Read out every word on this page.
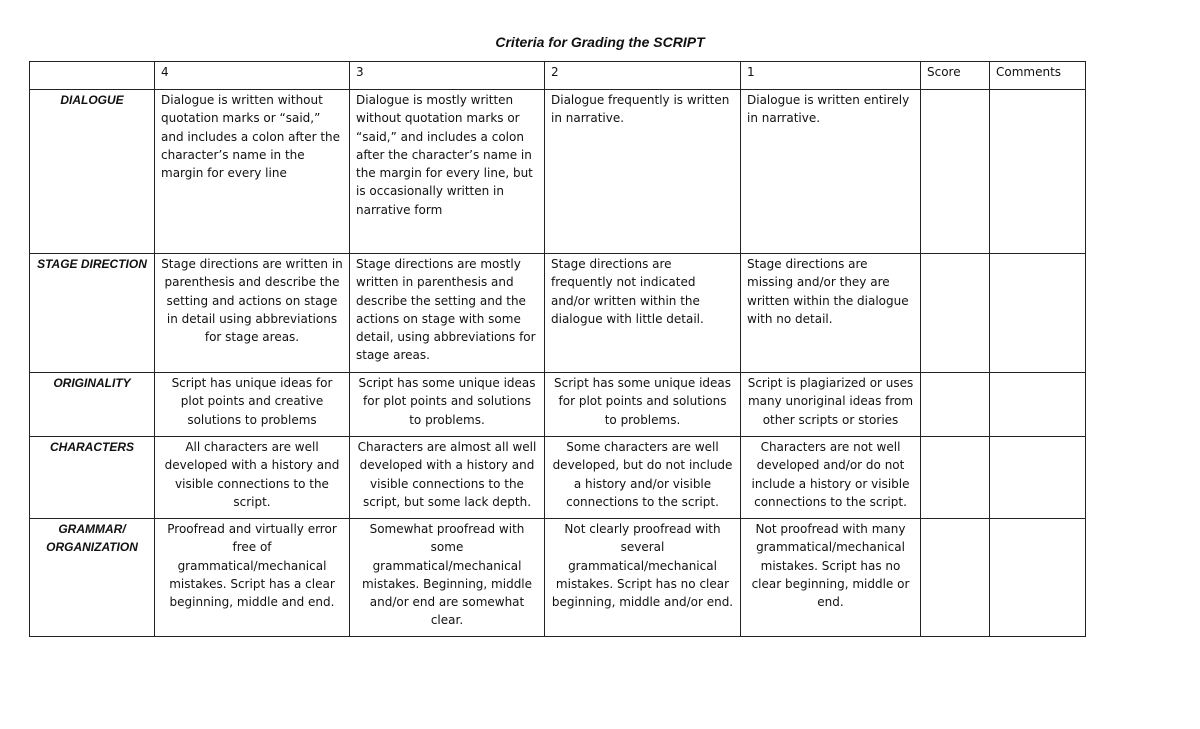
Criteria for Grading the SCRIPT
	4	3	2	1	Score	Comments
DIALOGUE	Dialogue is written without quotation marks or “said,” and includes a colon after the character’s name in the margin for every line	Dialogue is mostly written without quotation marks or “said,” and includes a colon after the character’s name in the margin for every line, but is occasionally written in narrative form	Dialogue frequently is written in narrative.	Dialogue is written entirely in narrative.		
STAGE DIRECTION	Stage directions are written in parenthesis and describe the setting and actions on stage in detail using abbreviations for stage areas.	Stage directions are mostly written in parenthesis and describe the setting and the actions on stage with some detail, using abbreviations for stage areas.	Stage directions are frequently not indicated and/or written within the dialogue with little detail.	Stage directions are missing and/or they are written within the dialogue with no detail.		
ORIGINALITY	Script has unique ideas for plot points and creative solutions to problems	Script has some unique ideas for plot points and solutions to problems.	Script has some unique ideas for plot points and solutions to problems.	Script is plagiarized or uses many unoriginal ideas from other scripts or stories		
CHARACTERS	All characters are well developed with a history and visible connections to the script.	Characters are almost all well developed with a history and visible connections to the script, but some lack depth.	Some characters are well developed, but do not include a history and/or visible connections to the script.	Characters are not well developed and/or do not include a history or visible connections to the script.		
GRAMMAR/ ORGANIZATION	Proofread and virtually error free of grammatical/mechanical mistakes. Script has a clear beginning, middle and end.	Somewhat proofread with some grammatical/mechanical mistakes. Beginning, middle and/or end are somewhat clear.	Not clearly proofread with several grammatical/mechanical mistakes. Script has no clear beginning, middle and/or end.	Not proofread with many grammatical/mechanical mistakes. Script has no clear beginning, middle or end.		
